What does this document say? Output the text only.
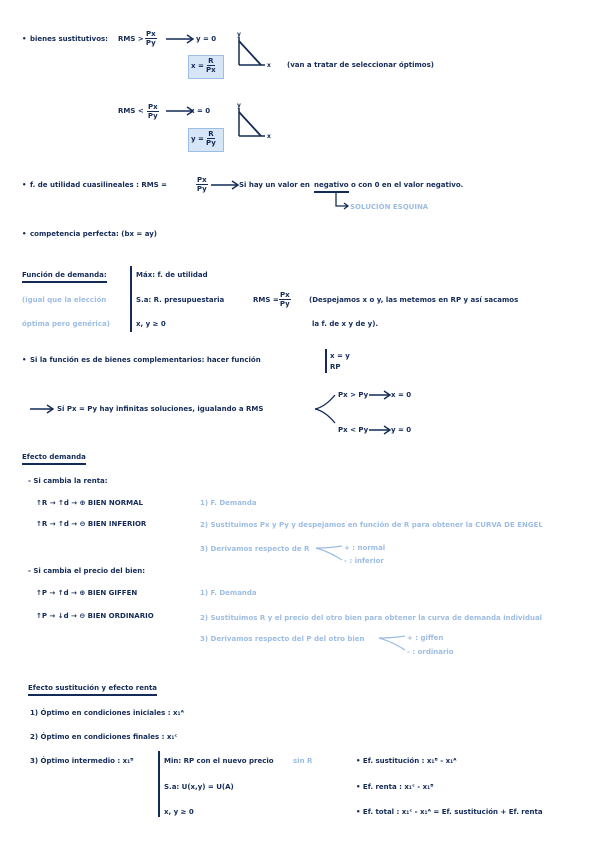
• bienes sustitutivos: RMS > $\frac{Px}{Py}$	y = 0
y
x
$x = \frac{R}{Px}$	(van a tratar de seleccionar óptimos)
RMS < $\frac{Px}{Py}$	x = 0
y
x
$y = \frac{R}{Py}$
• f. de utilidad cuasilineales : RMS =	$\frac{Px}{Py}$	Si hay un valor en negativo o con 0 en el valor negativo.
SOLUCIÓN ESQUINA
• competencia perfecta: (bx = ay)
Función de demanda:
(igual que la elección
óptima pero genérica)
Máx: f. de utilidad
S.a: R. presupuestaria
x, y ≥ 0
RMS = $\frac{Px}{Py}$	(Despejamos x o y, las metemos en RP y así sacamos
la f. de x y de y).
• Si la función es de bienes complementarios: hacer función	x = y
RP
Si Px = Py hay infinitas soluciones, igualando a RMS
Px > Py	x = 0
Px < Py	y = 0
Efecto demanda
- Si cambia la renta:
↑R → ↑d → ⊕ BIEN NORMAL
↑R → ↑d → ⊖ BIEN INFERIOR
1) F. Demanda
2) Sustituimos Px y Py y despejamos en función de R para obtener la CURVA DE ENGEL
3) Derivamos respecto de R	+ : normal
- : inferior
- Si cambia el precio del bien:
↑P → ↑d → ⊕ BIEN GIFFEN
↑P → ↓d → ⊖ BIEN ORDINARIO
1) F. Demanda
2) Sustituimos R y el precio del otro bien para obtener la curva de demanda individual
3) Derivamos respecto del P del otro bien	+ : giffen
- : ordinario
Efecto sustitución y efecto renta
1) Óptimo en condiciones iniciales : x₁ᴬ
2) Óptimo en condiciones finales : x₁ᶜ
3) Óptimo intermedio : x₁ᴮ	Min: RP con el nuevo precio	sin R
S.a: U(x,y) = U(A)
x, y ≥ 0
• Ef. sustitución : x₁ᴮ - x₁ᴬ
• Ef. renta : x₁ᶜ - x₁ᴮ
• Ef. total : x₁ᶜ - x₁ᴬ = Ef. sustitución + Ef. renta
